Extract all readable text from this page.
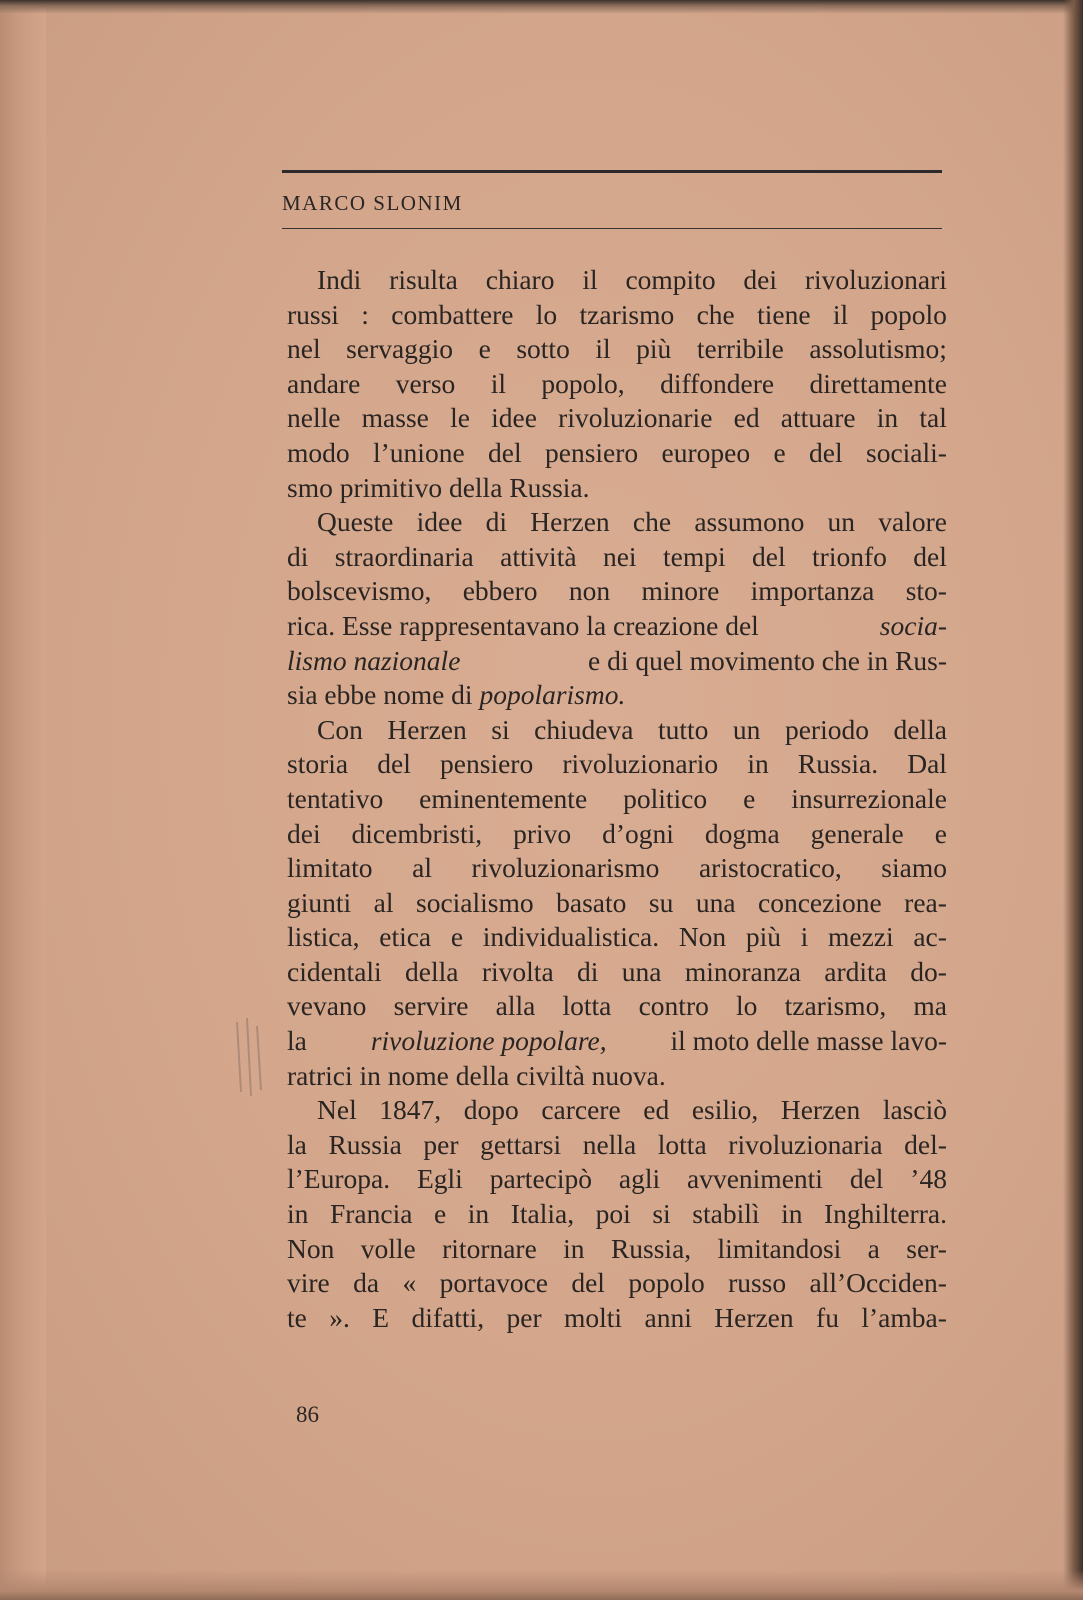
MARCO SLONIM
Indi risulta chiaro il compito dei rivoluzionari
russi : combattere lo tzarismo che tiene il popolo
nel servaggio e sotto il più terribile assolutismo;
andare verso il popolo, diffondere direttamente
nelle masse le idee rivoluzionarie ed attuare in tal
modo l’unione del pensiero europeo e del sociali-
smo primitivo della Russia.
Queste idee di Herzen che assumono un valore
di straordinaria attività nei tempi del trionfo del
bolscevismo, ebbero non minore importanza sto-
rica. Esse rappresentavano la creazione del	socia-
lismo nazionale	e di quel movimento che in Rus-
sia ebbe nome di popolarismo.
Con Herzen si chiudeva tutto un periodo della
storia del pensiero rivoluzionario in Russia. Dal
tentativo eminentemente politico e insurrezionale
dei dicembristi, privo d’ogni dogma generale e
limitato al rivoluzionarismo aristocratico, siamo
giunti al socialismo basato su una concezione rea-
listica, etica e individualistica. Non più i mezzi ac-
cidentali della rivolta di una minoranza ardita do-
vevano servire alla lotta contro lo tzarismo, ma
la rivoluzione popolare, il moto delle masse lavo-
ratrici in nome della civiltà nuova.
Nel 1847, dopo carcere ed esilio, Herzen lasciò
la Russia per gettarsi nella lotta rivoluzionaria del-
l’Europa. Egli partecipò agli avvenimenti del ’48
in Francia e in Italia, poi si stabilì in Inghilterra.
Non volle ritornare in Russia, limitandosi a ser-
vire da « portavoce del popolo russo all’Occiden-
te ». E difatti, per molti anni Herzen fu l’amba-
86
